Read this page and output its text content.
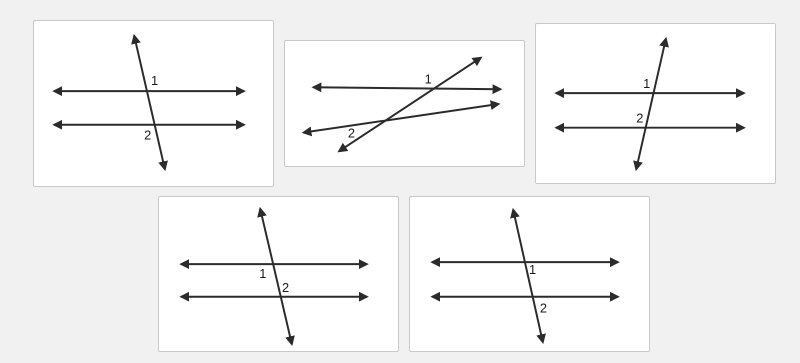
1
2
1
2
1
2
1
2
1
2
